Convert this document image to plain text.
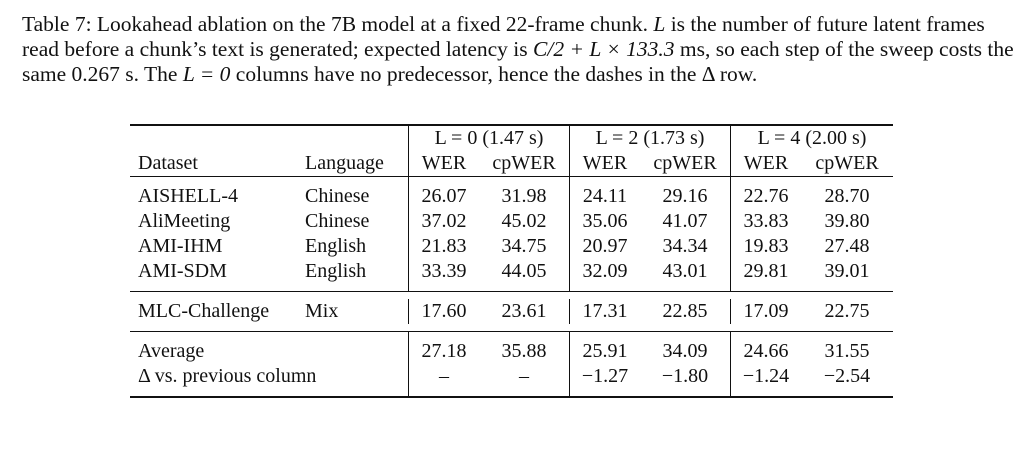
Table 7: Lookahead ablation on the 7B model at a fixed 22-frame chunk. L is the number of future latent frames read before a chunk’s text is generated; expected latency is C/2 + L × 133.3 ms, so each step of the sweep costs the same 0.267 s. The L = 0 columns have no predecessor, hence the dashes in the Δ row.

		L = 0 (1.47 s)		L = 2 (1.73 s)		L = 4 (2.00 s)	
Dataset	Language	WER	cpWER	WER	cpWER	WER	cpWER

AISHELL-4	Chinese	26.07	31.98	24.11	29.16	22.76	28.70
AliMeeting	Chinese	37.02	45.02	35.06	41.07	33.83	39.80
AMI-IHM	English	21.83	34.75	20.97	34.34	19.83	27.48
AMI-SDM	English	33.39	44.05	32.09	43.01	29.81	39.01

MLC-Challenge	Mix	17.60	23.61	17.31	22.85	17.09	22.75

Average		27.18	35.88	25.91	34.09	24.66	31.55
Δ vs. previous column		–	–	−1.27	−1.80	−1.24	−2.54
